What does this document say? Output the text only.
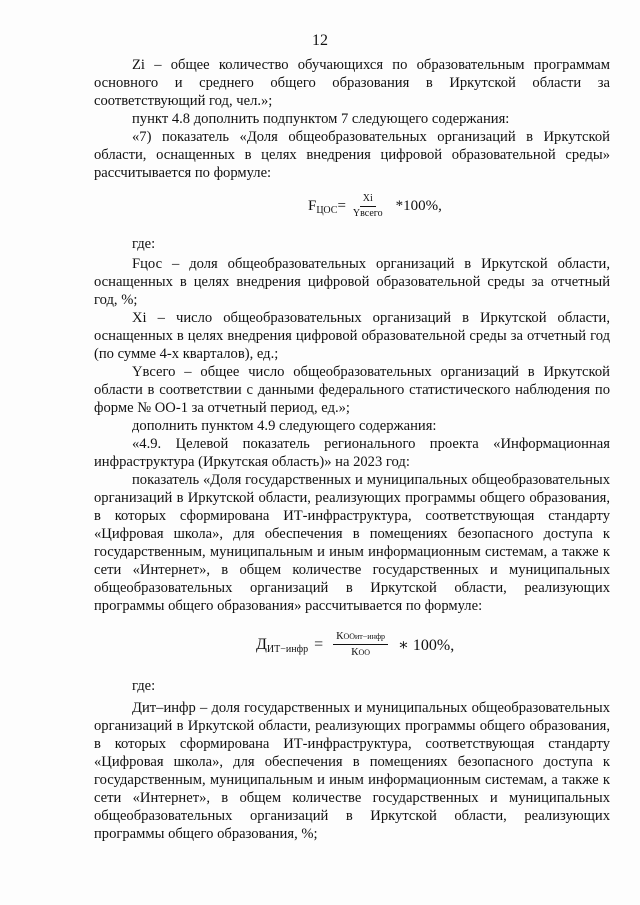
12

Zi – общее количество обучающихся по образовательным программам основного и среднего общего образования в Иркутской области за соответствующий год, чел.»;

пункт 4.8 дополнить подпунктом 7 следующего содержания:

«7) показатель «Доля общеобразовательных организаций в Иркутской области, оснащенных в целях внедрения цифровой образовательной среды» рассчитывается по формуле:

$F_{ЦОС} = \frac{Xi}{\text{Yвсего}} *100\%$,

где:

Fцос – доля общеобразовательных организаций в Иркутской области, оснащенных в целях внедрения цифровой образовательной среды за отчетный год, %;

Xi – число общеобразовательных организаций в Иркутской области, оснащенных в целях внедрения цифровой образовательной среды за отчетный год (по сумме 4-х кварталов), ед.;

Yвсего – общее число общеобразовательных организаций в Иркутской области в соответствии с данными федерального статистического наблюдения по форме № ОО-1 за отчетный период, ед.»;

дополнить пунктом 4.9 следующего содержания:

«4.9. Целевой показатель регионального проекта «Информационная инфраструктура (Иркутская область)» на 2023 год:

показатель «Доля государственных и муниципальных общеобразовательных организаций в Иркутской области, реализующих программы общего образования, в которых сформирована ИТ-инфраструктура, соответствующая стандарту «Цифровая школа», для обеспечения в помещениях безопасного доступа к государственным, муниципальным и иным информационным системам, а также к сети «Интернет», в общем количестве государственных и муниципальных общеобразовательных организаций в Иркутской области, реализующих программы общего образования» рассчитывается по формуле:

ДИТ−инфр = $\frac{\text{КООит−инфр}}{\text{КОО}}$ ∗ 100%,

где:

Дит–инфр – доля государственных и муниципальных общеобразовательных организаций в Иркутской области, реализующих программы общего образования, в которых сформирована ИТ-инфраструктура, соответствующая стандарту «Цифровая школа», для обеспечения в помещениях безопасного доступа к государственным, муниципальным и иным информационным системам, а также к сети «Интернет», в общем количестве государственных и муниципальных общеобразовательных организаций в Иркутской области, реализующих программы общего образования, %;
